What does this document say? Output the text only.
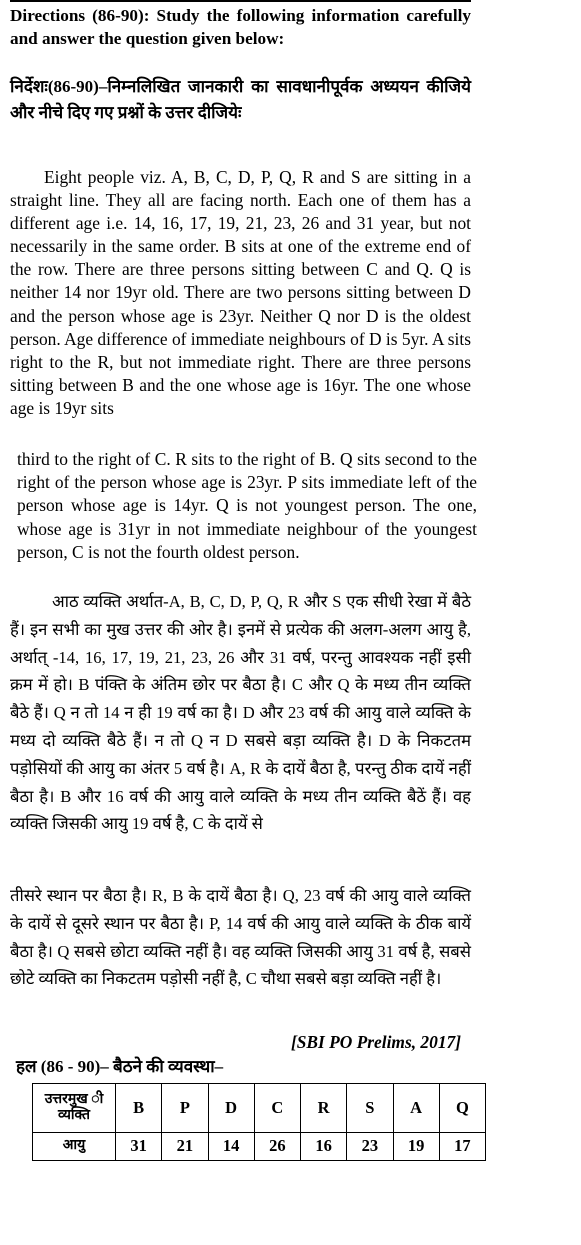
Directions (86-90): Study the following information carefully and answer the question given below:
निर्देशः(86-90)–निम्नलिखित जानकारी का सावधानीपूर्वक अध्ययन कीजिये और नीचे दिए गए प्रश्नों के उत्तर दीजियेः
Eight people viz. A, B, C, D, P, Q, R and S are sitting in a straight line. They all are facing north. Each one of them has a different age i.e. 14, 16, 17, 19, 21, 23, 26 and 31 year, but not necessarily in the same order. B sits at one of the extreme end of the row. There are three persons sitting between C and Q. Q is neither 14 nor 19yr old. There are two persons sitting between D and the person whose age is 23yr. Neither Q nor D is the oldest person. Age difference of immediate neighbours of D is 5yr. A sits right to the R, but not immediate right. There are three persons sitting between B and the one whose age is 16yr. The one whose age is 19yr sits
third to the right of C. R sits to the right of B. Q sits second to the right of the person whose age is 23yr. P sits immediate left of the person whose age is 14yr. Q is not youngest person. The one, whose age is 31yr in not immediate neighbour of the youngest person, C is not the fourth oldest person.
आठ व्यक्ति अर्थात-A, B, C, D, P, Q, R और S एक सीधी रेखा में बैठे हैं। इन सभी का मुख उत्तर की ओर है। इनमें से प्रत्येक की अलग-अलग आयु है, अर्थात् -14, 16, 17, 19, 21, 23, 26 और 31 वर्ष, परन्तु आवश्यक नहीं इसी क्रम में हो। B पंक्ति के अंतिम छोर पर बैठा है। C और Q के मध्य तीन व्यक्ति बैठे हैं। Q न तो 14 न ही 19 वर्ष का है। D और 23 वर्ष की आयु वाले व्यक्ति के मध्य दो व्यक्ति बैठे हैं। न तो Q न D सबसे बड़ा व्यक्ति है। D के निकटतम पड़ोसियों की आयु का अंतर 5 वर्ष है। A, R के दायें बैठा है, परन्तु ठीक दायें नहीं बैठा है। B और 16 वर्ष की आयु वाले व्यक्ति के मध्य तीन व्यक्ति बैठें हैं। वह व्यक्ति जिसकी आयु 19 वर्ष है, C के दायें से
तीसरे स्थान पर बैठा है। R, B के दायें बैठा है। Q, 23 वर्ष की आयु वाले व्यक्ति के दायें से दूसरे स्थान पर बैठा है। P, 14 वर्ष की आयु वाले व्यक्ति के ठीक बायें बैठा है। Q सबसे छोटा व्यक्ति नहीं है। वह व्यक्ति जिसकी आयु 31 वर्ष है, सबसे छोटे व्यक्ति का निकटतम पड़ोसी नहीं है, C चौथा सबसे बड़ा व्यक्ति नहीं है।
[SBI PO Prelims, 2017]
हल (86 - 90)– बैठने की व्यवस्था–
उत्तरमुख ी व्यक्ति	B	P	D	C	R	S	A	Q
आयु	31	21	14	26	16	23	19	17
